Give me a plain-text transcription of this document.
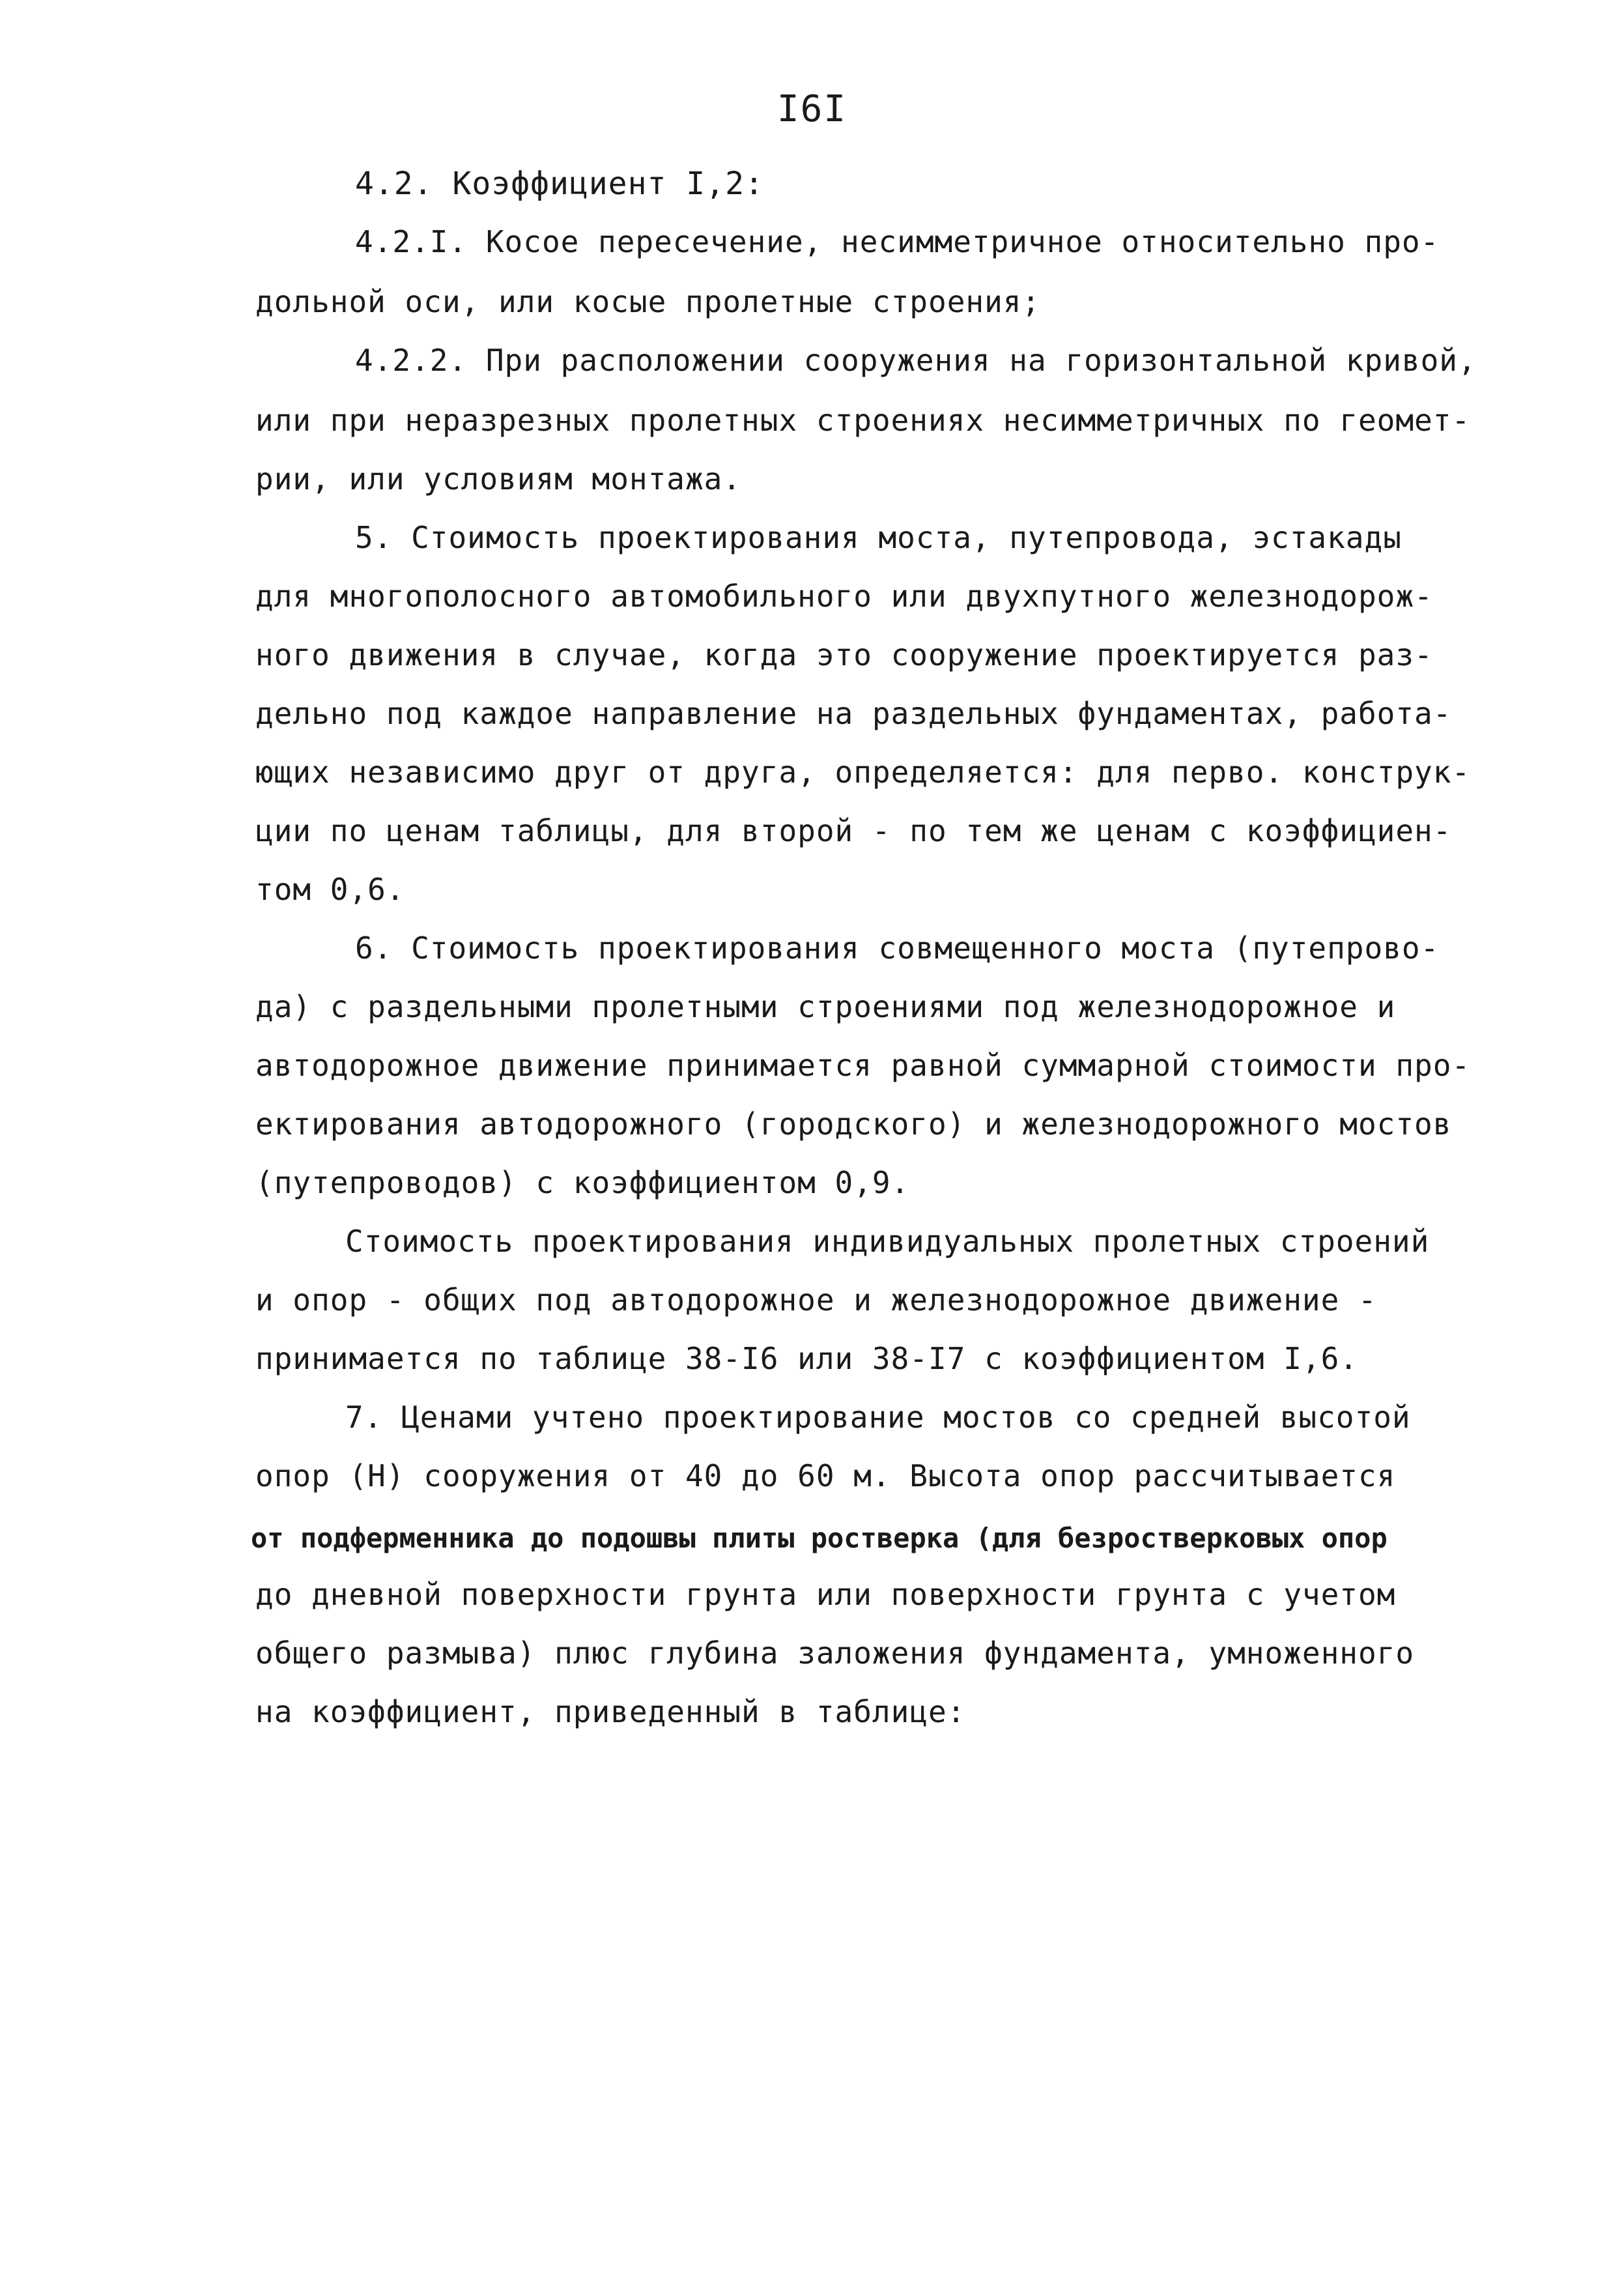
I6I
4.2. Коэффициент I,2:
4.2.I. Косое пересечение, несимметричное относительно про-
дольной оси, или косые пролетные строения;
4.2.2. При расположении сооружения на горизонтальной кривой,
или при неразрезных пролетных строениях несимметричных по геомет-
рии, или условиям монтажа.
5. Стоимость проектирования моста, путепровода, эстакады
для многополосного автомобильного или двухпутного железнодорож-
ного движения в случае, когда это сооружение проектируется раз-
дельно под каждое направление на раздельных фундаментах, работа-
ющих независимо друг от друга, определяется: для перво. конструк-
ции по ценам таблицы, для второй - по тем же ценам с коэффициен-
том 0,6.
6. Стоимость проектирования совмещенного моста (путепрово-
да) с раздельными пролетными строениями под железнодорожное и
автодорожное движение принимается равной суммарной стоимости про-
ектирования автодорожного (городского) и железнодорожного мостов
(путепроводов) с коэффициентом 0,9.
Стоимость проектирования индивидуальных пролетных строений
и опор - общих под автодорожное и железнодорожное движение -
принимается по таблице 38-I6 или 38-I7 с коэффициентом I,6.
7. Ценами учтено проектирование мостов со средней высотой
опор (Н) сооружения от 40 до 60 м. Высота опор рассчитывается
от подферменника до подошвы плиты ростверка (для безростверковых опор
до дневной поверхности грунта или поверхности грунта с учетом
общего размыва) плюс глубина заложения фундамента, умноженного
на коэффициент, приведенный в таблице:
